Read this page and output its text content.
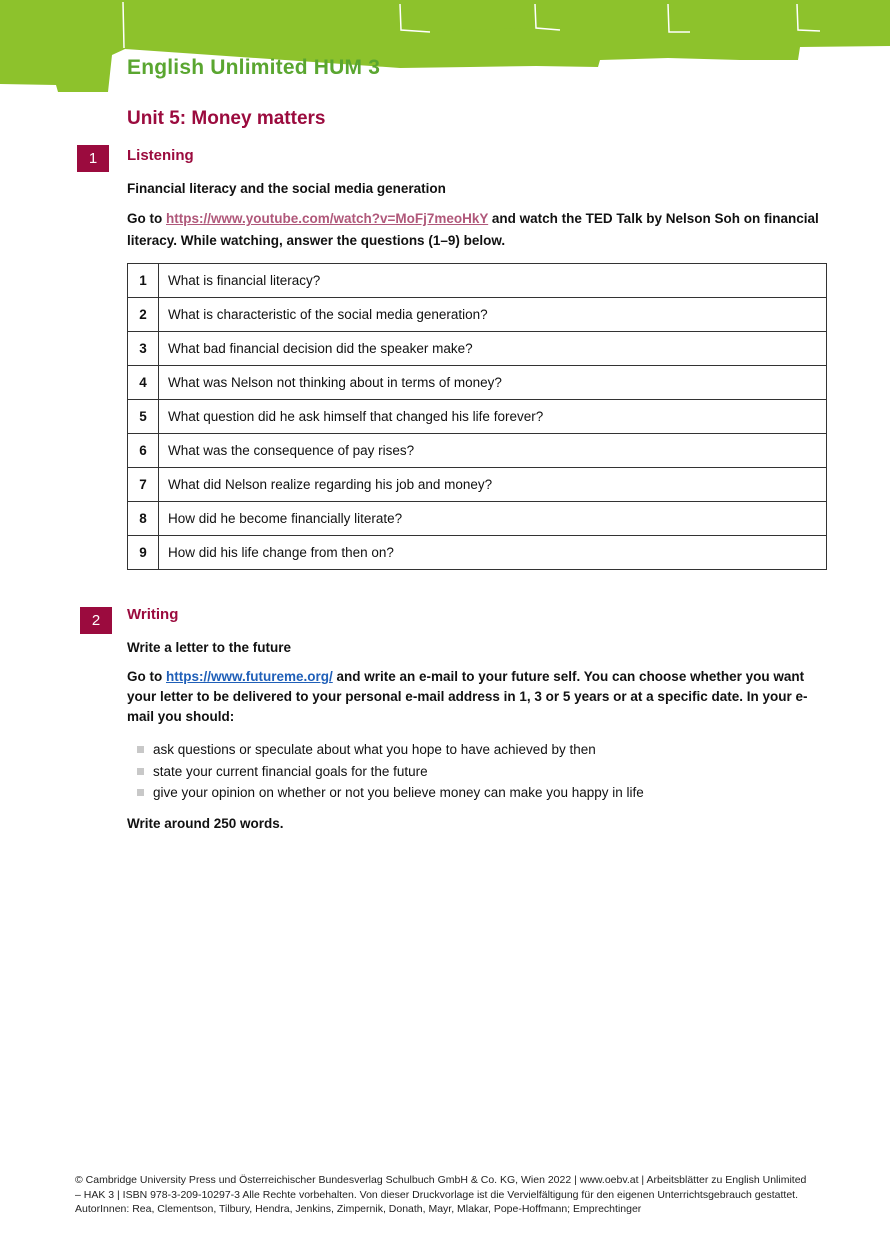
English Unlimited HUM 3
Unit 5: Money matters
1	Listening
Financial literacy and the social media generation
Go to https://www.youtube.com/watch?v=MoFj7meoHkY and watch the TED Talk by Nelson Soh on financial literacy. While watching, answer the questions (1–9) below.
1	What is financial literacy?
2	What is characteristic of the social media generation?
3	What bad financial decision did the speaker make?
4	What was Nelson not thinking about in terms of money?
5	What question did he ask himself that changed his life forever?
6	What was the consequence of pay rises?
7	What did Nelson realize regarding his job and money?
8	How did he become financially literate?
9	How did his life change from then on?
2	Writing
Write a letter to the future
Go to https://www.futureme.org/ and write an e-mail to your future self. You can choose whether you want your letter to be delivered to your personal e-mail address in 1, 3 or 5 years or at a specific date. In your e-mail you should:
ask questions or speculate about what you hope to have achieved by then
state your current financial goals for the future
give your opinion on whether or not you believe money can make you happy in life
Write around 250 words.
© Cambridge University Press und Österreichischer Bundesverlag Schulbuch GmbH & Co. KG, Wien 2022 | www.oebv.at | Arbeitsblätter zu English Unlimited – HAK 3 | ISBN 978-3-209-10297-3 Alle Rechte vorbehalten. Von dieser Druckvorlage ist die Vervielfältigung für den eigenen Unterrichtsgebrauch gestattet.
AutorInnen: Rea, Clementson, Tilbury, Hendra, Jenkins, Zimpernik, Donath, Mayr, Mlakar, Pope-Hoffmann; Emprechtinger
